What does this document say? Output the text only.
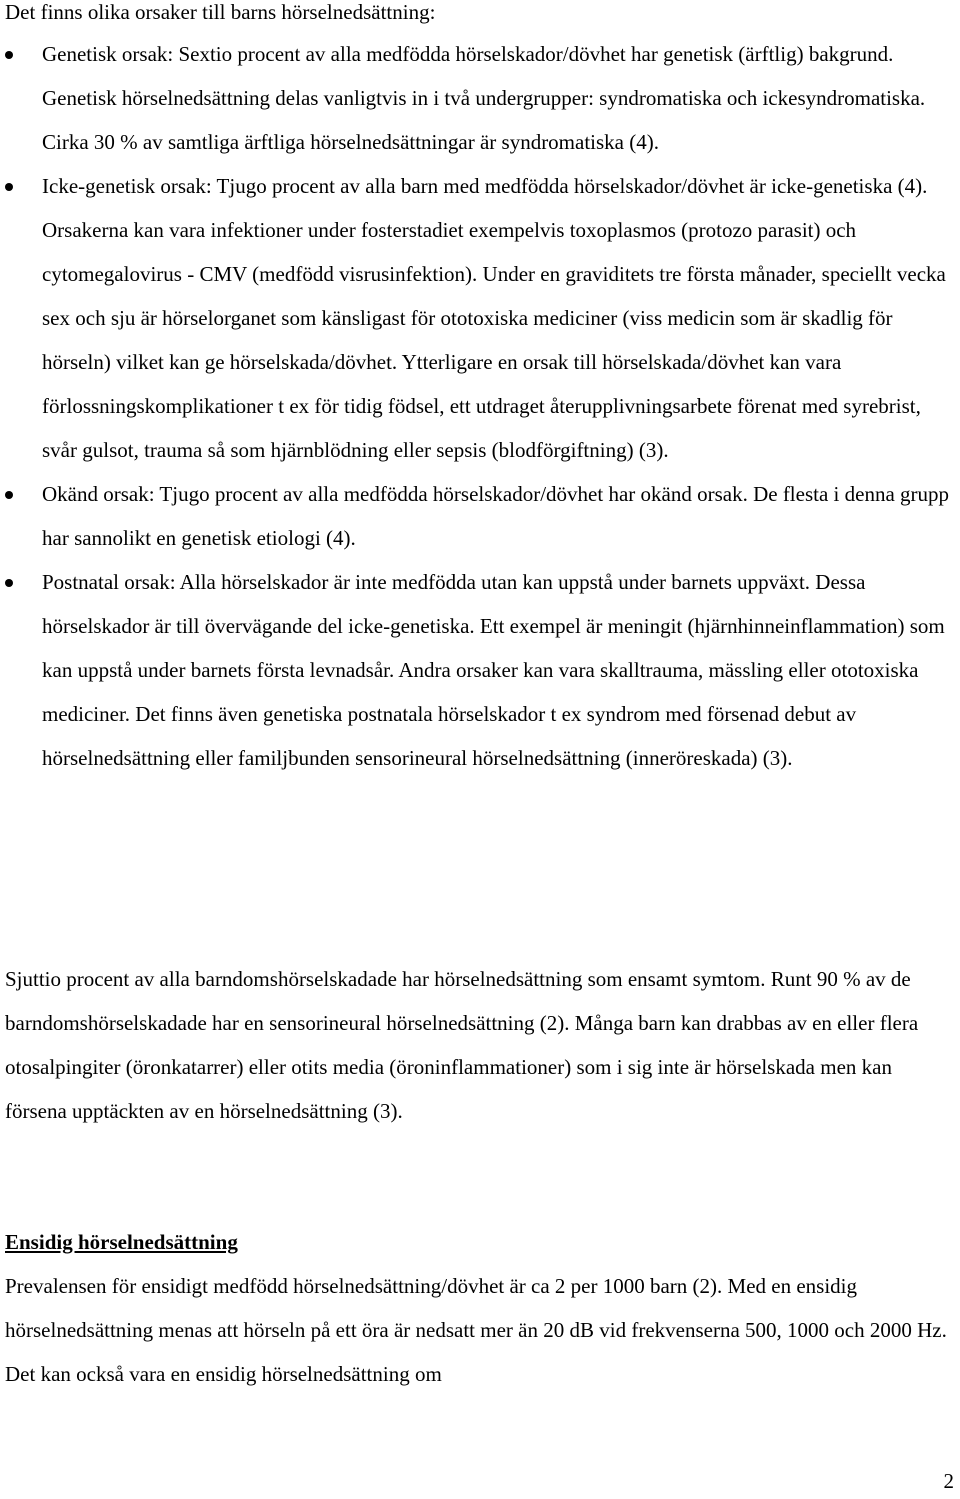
Det finns olika orsaker till barns hörselnedsättning:

Genetisk orsak: Sextio procent av alla medfödda hörselskador/dövhet har genetisk (ärftlig) bakgrund. Genetisk hörselnedsättning delas vanligtvis in i två undergrupper: syndromatiska och ickesyndromatiska. Cirka 30 % av samtliga ärftliga hörselnedsättningar är syndromatiska (4).
Icke-genetisk orsak: Tjugo procent av alla barn med medfödda hörselskador/dövhet är icke-genetiska (4). Orsakerna kan vara infektioner under fosterstadiet exempelvis toxoplasmos (protozo parasit) och cytomegalovirus - CMV (medfödd visrusinfektion). Under en graviditets tre första månader, speciellt vecka sex och sju är hörselorganet som känsligast för ototoxiska mediciner (viss medicin som är skadlig för hörseln) vilket kan ge hörselskada/dövhet. Ytterligare en orsak till hörselskada/dövhet kan vara förlossningskomplikationer t ex för tidig födsel, ett utdraget återupplivningsarbete förenat med syrebrist, svår gulsot, trauma så som hjärnblödning eller sepsis (blodförgiftning) (3).
Okänd orsak: Tjugo procent av alla medfödda hörselskador/dövhet har okänd orsak. De flesta i denna grupp har sannolikt en genetisk etiologi (4).
Postnatal orsak: Alla hörselskador är inte medfödda utan kan uppstå under barnets uppväxt. Dessa hörselskador är till övervägande del icke-genetiska. Ett exempel är meningit (hjärnhinneinflammation) som kan uppstå under barnets första levnadsår. Andra orsaker kan vara skalltrauma, mässling eller ototoxiska mediciner. Det finns även genetiska postnatala hörselskador t ex syndrom med försenad debut av hörselnedsättning eller familjbunden sensorineural hörselnedsättning (inneröreskada) (3).

Sjuttio procent av alla barndomshörselskadade har hörselnedsättning som ensamt symtom. Runt 90 % av de barndomshörselskadade har en sensorineural hörselnedsättning (2). Många barn kan drabbas av en eller flera otosalpingiter (öronkatarrer) eller otits media (öroninflammationer) som i sig inte är hörselskada men kan försena upptäckten av en hörselnedsättning (3).

Ensidig hörselnedsättning

Prevalensen för ensidigt medfödd hörselnedsättning/dövhet är ca 2 per 1000 barn (2). Med en ensidig hörselnedsättning menas att hörseln på ett öra är nedsatt mer än 20 dB vid frekvenserna 500, 1000 och 2000 Hz. Det kan också vara en ensidig hörselnedsättning om

2
